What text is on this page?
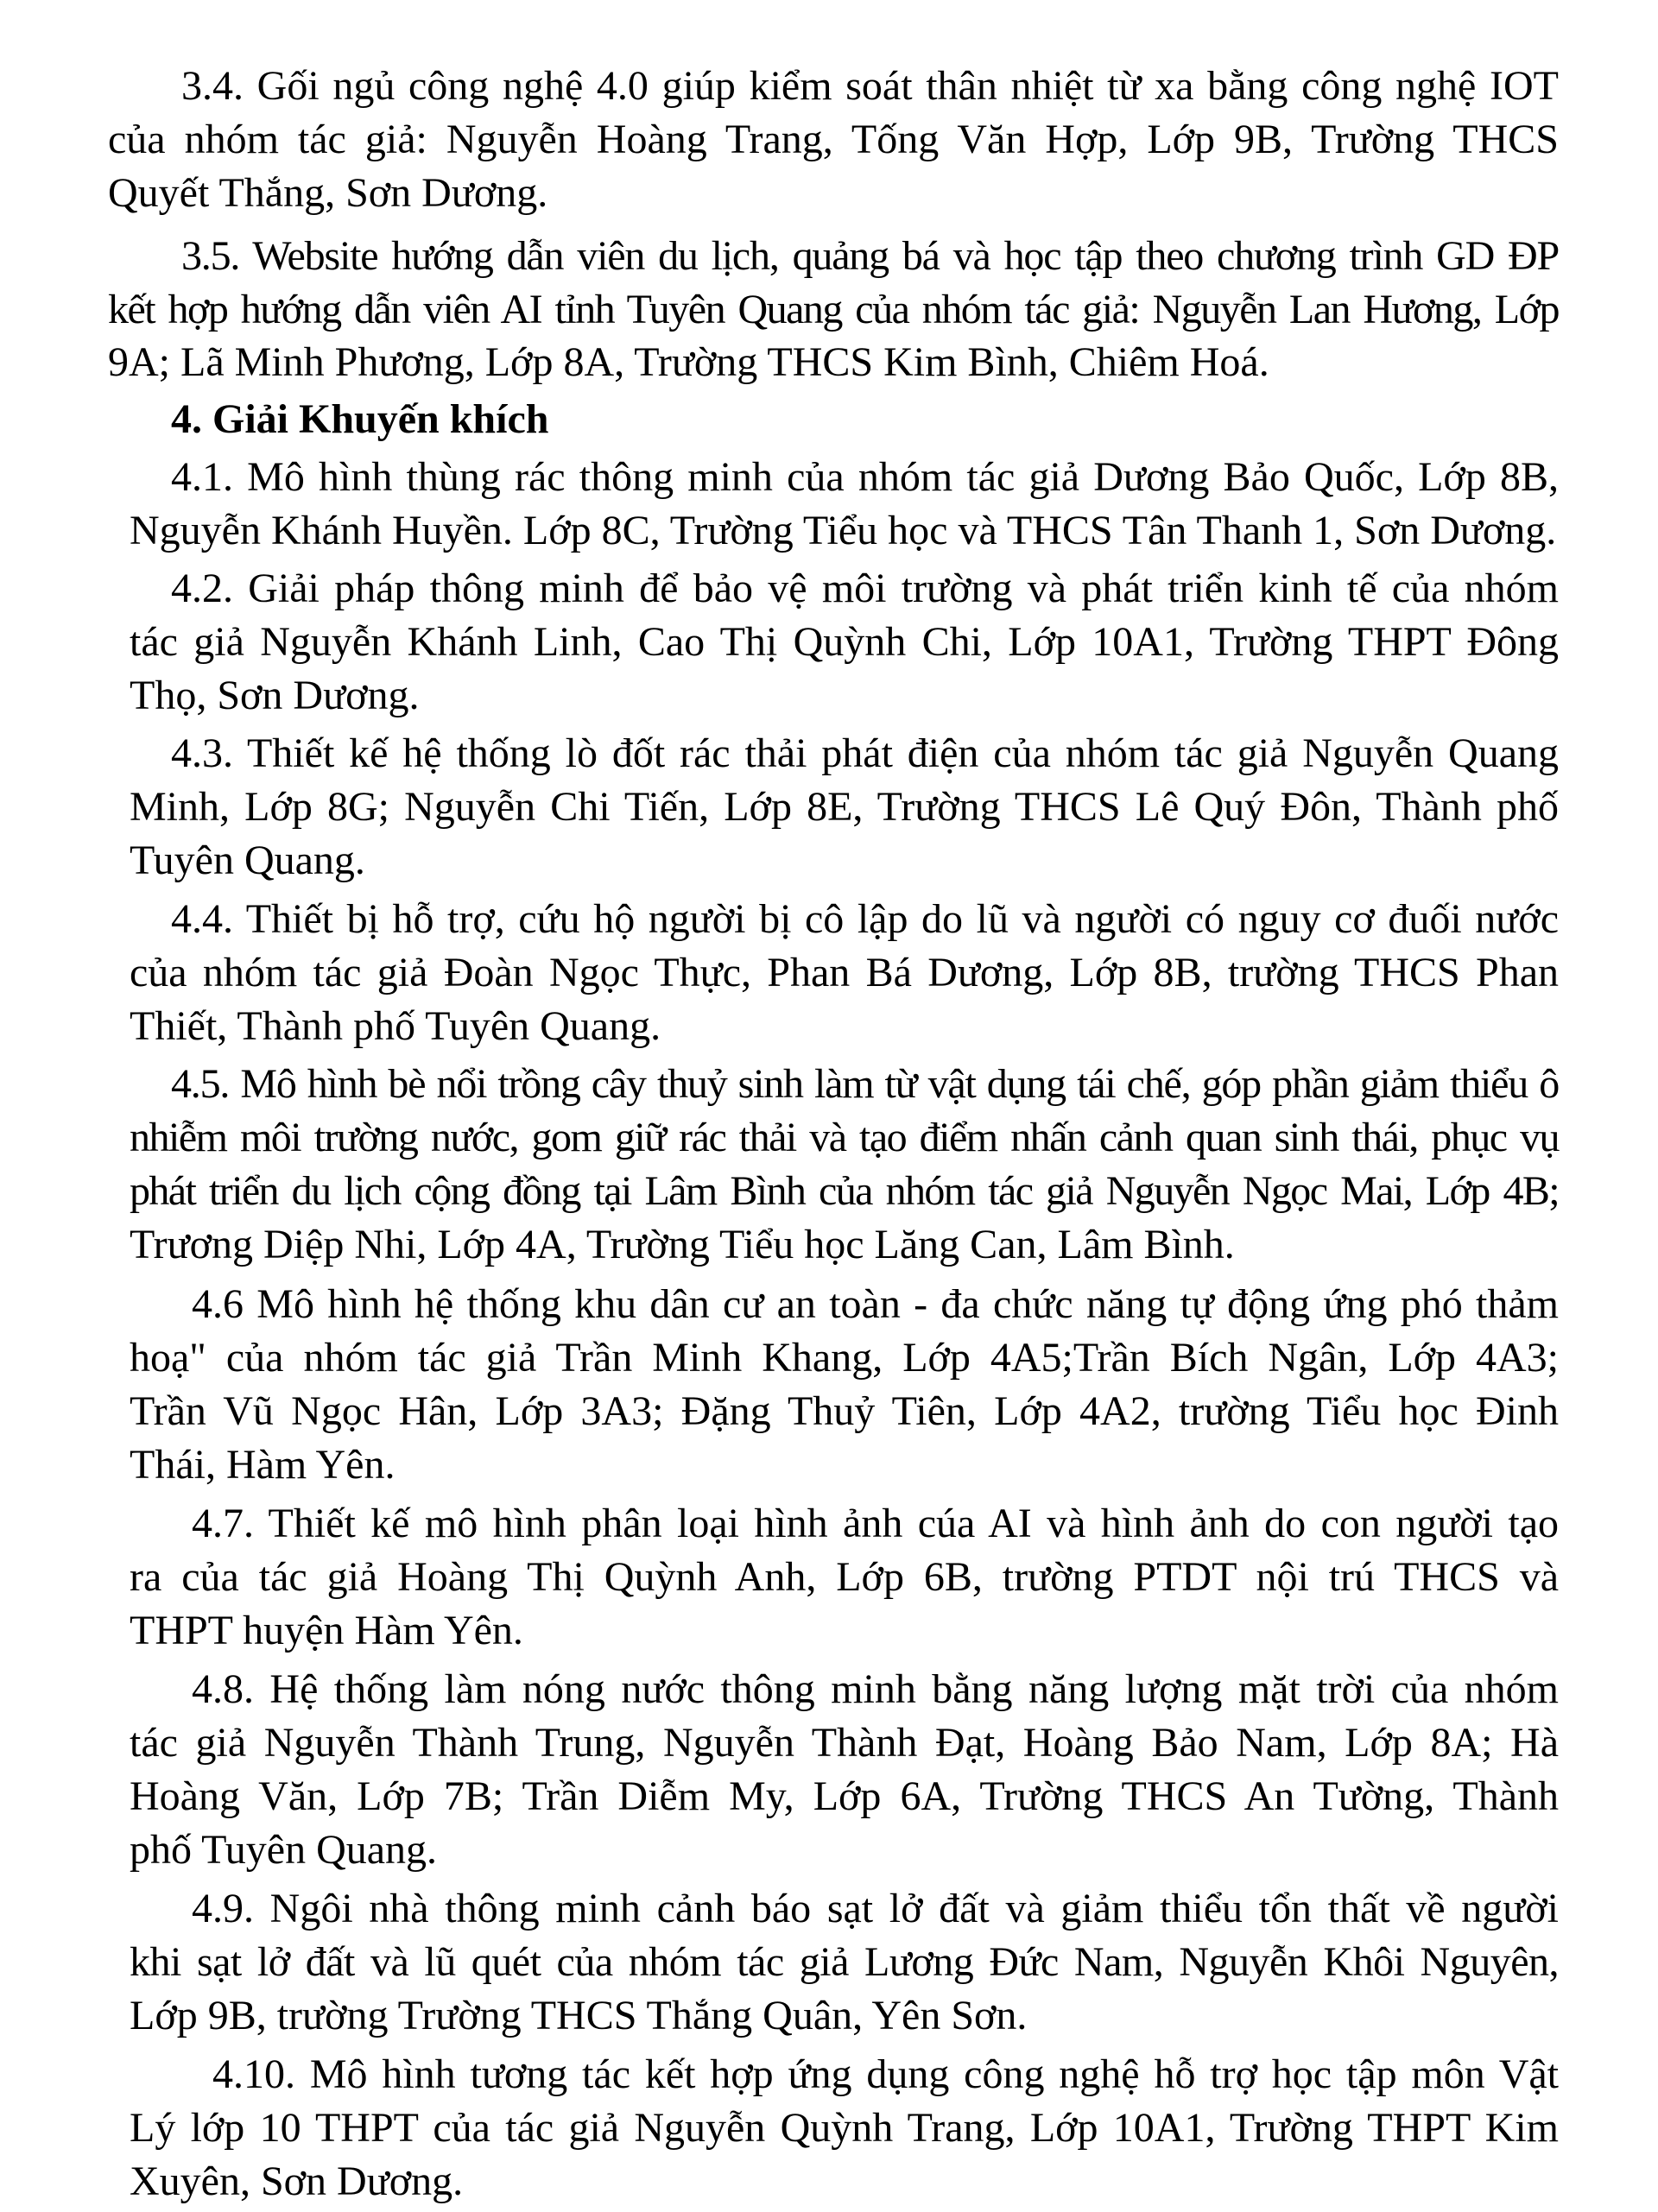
3.4. Gối ngủ công nghệ 4.0 giúp kiểm soát thân nhiệt từ xa bằng công nghệ IOT
của nhóm tác giả: Nguyễn Hoàng Trang, Tống Văn Hợp, Lớp 9B, Trường THCS
Quyết Thắng, Sơn Dương.
3.5. Website hướng dẫn viên du lịch, quảng bá và học tập theo chương trình GD ĐP
kết hợp hướng dẫn viên AI tỉnh Tuyên Quang của nhóm tác giả: Nguyễn Lan Hương, Lớp
9A; Lã Minh Phương, Lớp 8A, Trường THCS Kim Bình, Chiêm Hoá.
4. Giải Khuyến khích
4.1. Mô hình thùng rác thông minh của nhóm tác giả Dương Bảo Quốc, Lớp 8B,
Nguyễn Khánh Huyền. Lớp 8C, Trường Tiểu học và THCS Tân Thanh 1, Sơn Dương.
4.2. Giải pháp thông minh để bảo vệ môi trường và phát triển kinh tế của nhóm
tác giả Nguyễn Khánh Linh, Cao Thị Quỳnh Chi, Lớp 10A1, Trường THPT Đông
Thọ, Sơn Dương.
4.3. Thiết kế hệ thống lò đốt rác thải phát điện của nhóm tác giả Nguyễn Quang
Minh, Lớp 8G; Nguyễn Chi Tiến, Lớp 8E, Trường THCS Lê Quý Đôn, Thành phố
Tuyên Quang.
4.4. Thiết bị hỗ trợ, cứu hộ người bị cô lập do lũ và người có nguy cơ đuối nước
của nhóm tác giả Đoàn Ngọc Thực, Phan Bá Dương, Lớp 8B, trường THCS Phan
Thiết, Thành phố Tuyên Quang.
4.5. Mô hình bè nổi trồng cây thuỷ sinh làm từ vật dụng tái chế, góp phần giảm thiểu ô
nhiễm môi trường nước, gom giữ rác thải và tạo điểm nhấn cảnh quan sinh thái, phục vụ
phát triển du lịch cộng đồng tại Lâm Bình của nhóm tác giả Nguyễn Ngọc Mai, Lớp 4B;
Trương Diệp Nhi, Lớp 4A, Trường Tiểu học Lăng Can, Lâm Bình.
4.6 Mô hình hệ thống khu dân cư an toàn - đa chức năng tự động ứng phó thảm
hoạ" của nhóm tác giả Trần Minh Khang, Lớp 4A5;Trần Bích Ngân, Lớp 4A3;
Trần Vũ Ngọc Hân, Lớp 3A3; Đặng Thuỷ Tiên, Lớp 4A2, trường Tiểu học Đinh
Thái, Hàm Yên.
4.7. Thiết kế mô hình phân loại hình ảnh cúa AI và hình ảnh do con người tạo
ra của tác giả Hoàng Thị Quỳnh Anh, Lớp 6B, trường PTDT nội trú THCS và
THPT huyện Hàm Yên.
4.8. Hệ thống làm nóng nước thông minh bằng năng lượng mặt trời của nhóm
tác giả Nguyễn Thành Trung, Nguyễn Thành Đạt, Hoàng Bảo Nam, Lớp 8A; Hà
Hoàng Văn, Lớp 7B; Trần Diễm My, Lớp 6A, Trường THCS An Tường, Thành
phố Tuyên Quang.
4.9. Ngôi nhà thông minh cảnh báo sạt lở đất và giảm thiểu tổn thất về người
khi sạt lở đất và lũ quét của nhóm tác giả Lương Đức Nam, Nguyễn Khôi Nguyên,
Lớp 9B, trường Trường THCS Thắng Quân, Yên Sơn.
4.10. Mô hình tương tác kết hợp ứng dụng công nghệ hỗ trợ học tập môn Vật
Lý lớp 10 THPT của tác giả Nguyễn Quỳnh Trang, Lớp 10A1, Trường THPT Kim
Xuyên, Sơn Dương.
